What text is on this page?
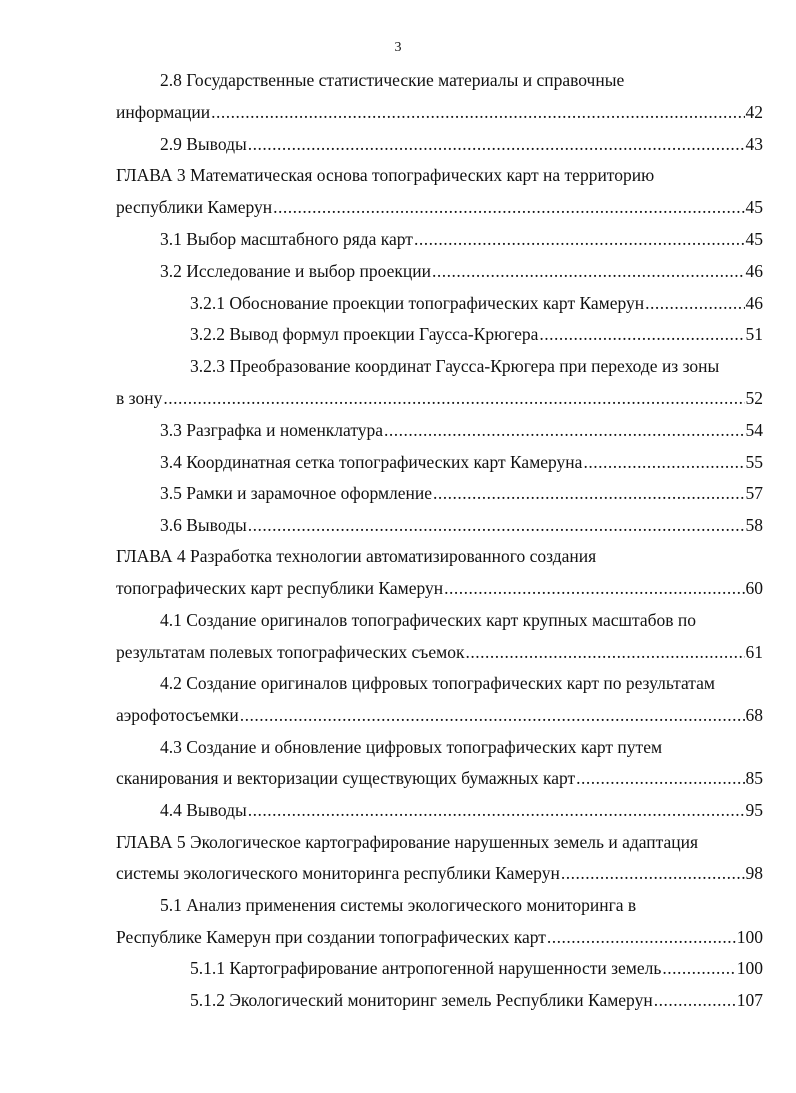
3
2.8 Государственные статистические материалы и справочные
информации .....	42
2.9 Выводы .....	43
ГЛАВА 3 Математическая основа топографических карт на территорию
республики Камерун .....	45
3.1 Выбор масштабного ряда карт .....	45
3.2 Исследование и выбор проекции .....	46
3.2.1 Обоснование проекции топографических карт Камерун .....	46
3.2.2 Вывод формул проекции Гаусса-Крюгера .....	51
3.2.3 Преобразование координат Гаусса-Крюгера при переходе из зоны
в зону .....	52
3.3 Разграфка и номенклатура .....	54
3.4 Координатная сетка топографических карт Камеруна .....	55
3.5 Рамки и зарамочное оформление .....	57
3.6 Выводы .....	58
ГЛАВА 4 Разработка технологии автоматизированного создания
топографических карт республики Камерун .....	60
4.1 Создание оригиналов топографических карт крупных масштабов по
результатам полевых топографических съемок .....	61
4.2 Создание оригиналов цифровых топографических карт по результатам
аэрофотосъемки .....	68
4.3 Создание и обновление цифровых топографических карт путем
сканирования и векторизации существующих бумажных карт .....	85
4.4 Выводы .....	95
ГЛАВА 5 Экологическое картографирование нарушенных земель и адаптация
системы экологического мониторинга республики Камерун .....	98
5.1 Анализ применения системы экологического мониторинга в
Республике Камерун при создании топографических карт .....	100
5.1.1 Картографирование антропогенной нарушенности земель .....	100
5.1.2 Экологический мониторинг земель Республики Камерун .....	107
